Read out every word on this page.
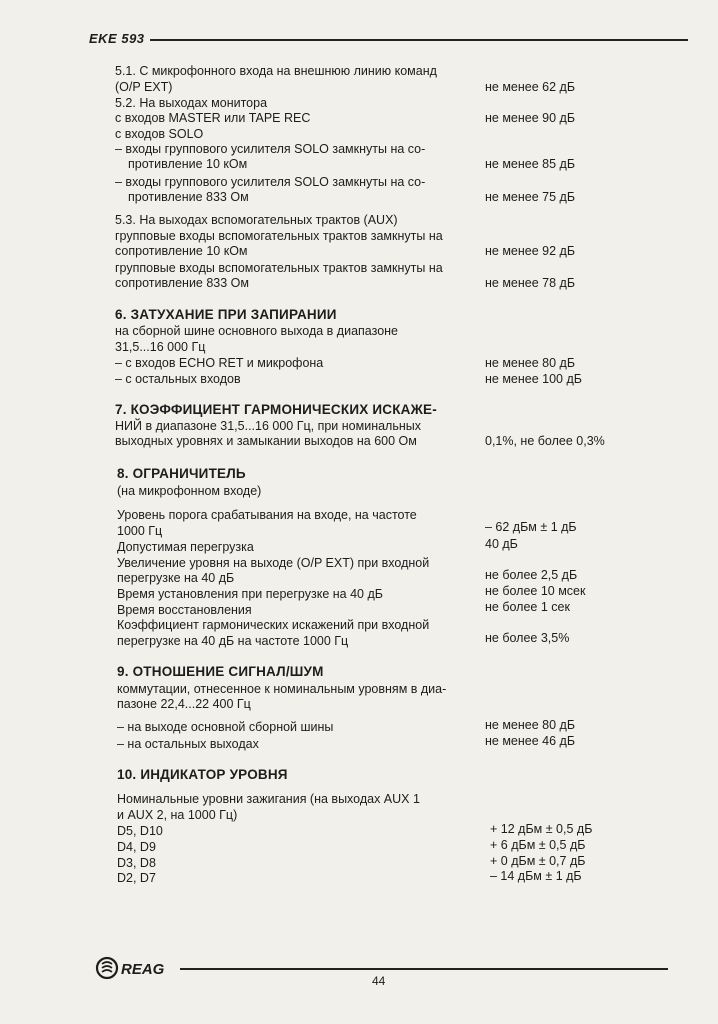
EKE 593
5.1. С микрофонного входа на внешнюю линию команд
(O/P EXT)	не менее 62 дБ
5.2. На выходах монитора
с входов MASTER или TAPE REC	не менее 90 дБ
с входов SOLO
– входы группового усилителя SOLO замкнуты на со-
противление 10 кОм	не менее 85 дБ
– входы группового усилителя SOLO замкнуты на со-
противление 833 Ом	не менее 75 дБ
5.3. На выходах вспомогательных трактов (AUX)
групповые входы вспомогательных трактов замкнуты на
сопротивление 10 кОм	не менее 92 дБ
групповые входы вспомогательных трактов замкнуты на
сопротивление 833 Ом	не менее 78 дБ
6. ЗАТУХАНИЕ ПРИ ЗАПИРАНИИ
на сборной шине основного выхода в диапазоне
31,5...16 000 Гц
– с входов ECHO RET и микрофона	не менее 80 дБ
– с остальных входов	не менее 100 дБ
7. КОЭФФИЦИЕНТ ГАРМОНИЧЕСКИХ ИСКАЖЕ-
НИЙ в диапазоне 31,5...16 000 Гц, при номинальных
выходных уровнях и замыкании выходов на 600 Ом	0,1%, не более 0,3%
8. ОГРАНИЧИТЕЛЬ
(на микрофонном входе)
Уровень порога срабатывания на входе, на частоте
1000 Гц	– 62 дБм ± 1 дБ
Допустимая перегрузка	40 дБ
Увеличение уровня на выходе (O/P EXT) при входной
перегрузке на 40 дБ	не более 2,5 дБ
Время установления при перегрузке на 40 дБ	не более 10 мсек
Время восстановления	не более 1 сек
Коэффициент гармонических искажений при входной
перегрузке на 40 дБ на частоте 1000 Гц	не более 3,5%
9. ОТНОШЕНИЕ СИГНАЛ/ШУМ
коммутации, отнесенное к номинальным уровням в диа-
пазоне 22,4...22 400 Гц
– на выходе основной сборной шины	не менее 80 дБ
– на остальных выходах	не менее 46 дБ
10. ИНДИКАТОР УРОВНЯ
Номинальные уровни зажигания (на выходах AUX 1
и AUX 2, на 1000 Гц)
D5, D10	+ 12 дБм ± 0,5 дБ
D4, D9	+ 6 дБм ± 0,5 дБ
D3, D8	+ 0 дБм ± 0,7 дБ
D2, D7	– 14 дБм ± 1 дБ
REAG
44
